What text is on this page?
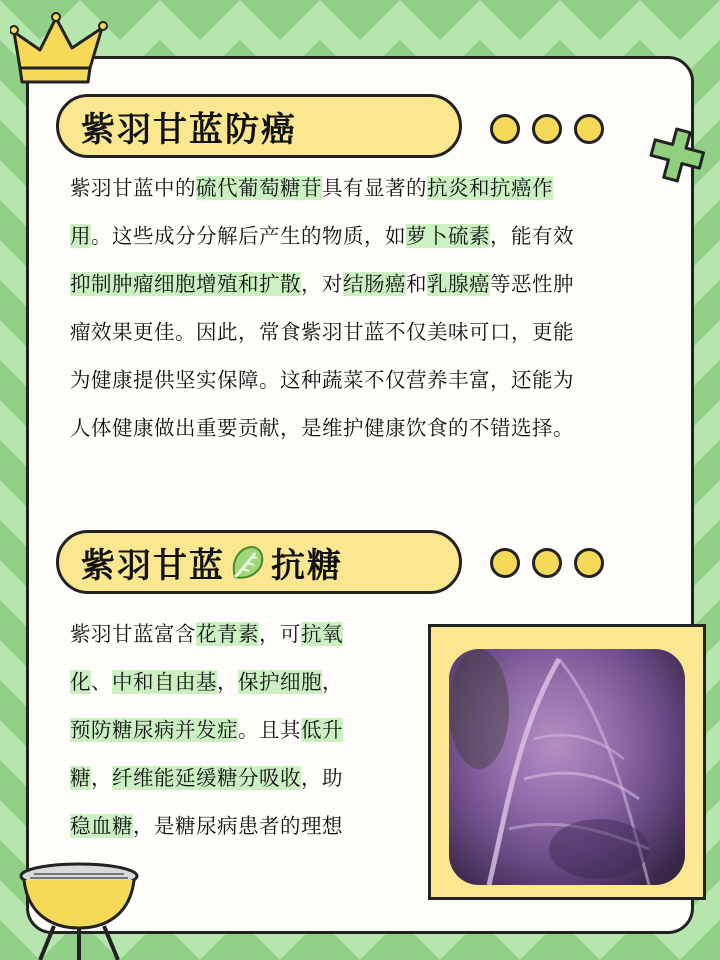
紫羽甘蓝防癌
紫羽甘蓝中的硫代葡萄糖苷具有显著的抗炎和抗癌作
用。这些成分分解后产生的物质，如萝卜硫素，能有效
抑制肿瘤细胞增殖和扩散，对结肠癌和乳腺癌等恶性肿
瘤效果更佳。因此，常食紫羽甘蓝不仅美味可口，更能
为健康提供坚实保障。这种蔬菜不仅营养丰富，还能为
人体健康做出重要贡献，是维护健康饮食的不错选择。
紫羽甘蓝 抗糖
紫羽甘蓝富含花青素，可抗氧
化、中和自由基，保护细胞，
预防糖尿病并发症。且其低升
糖，纤维能延缓糖分吸收，助
稳血糖，是糖尿病患者的理想
